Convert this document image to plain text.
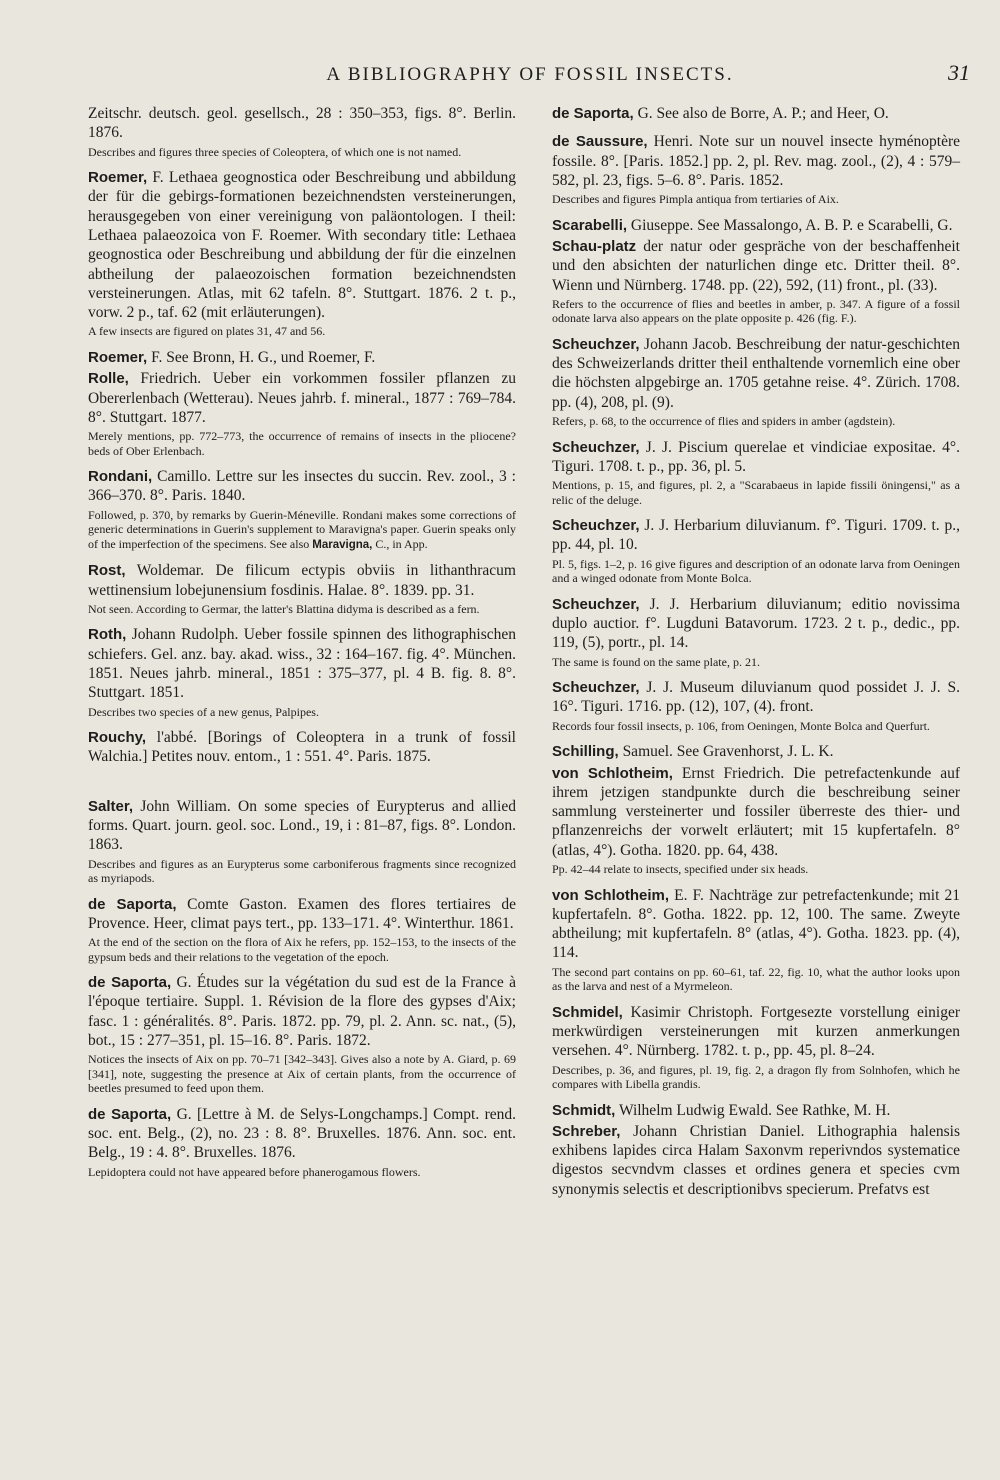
A BIBLIOGRAPHY OF FOSSIL INSECTS.	31

Zeitschr. deutsch. geol. gesellsch., 28 : 350–353, figs. 8°. Berlin. 1876.

Describes and figures three species of Coleoptera, of which one is not named.

Roemer, F. Lethaea geognostica oder Beschreibung und abbildung der für die gebirgs-formationen bezeichnendsten versteinerungen, herausgegeben von einer vereinigung von paläontologen. I theil: Lethaea palaeozoica von F. Roemer. With secondary title: Lethaea geognostica oder Beschreibung und abbildung der für die einzelnen abtheilung der palaeozoischen formation bezeichnendsten versteinerungen. Atlas, mit 62 tafeln. 8°. Stuttgart. 1876. 2 t. p., vorw. 2 p., taf. 62 (mit erläuterungen).

A few insects are figured on plates 31, 47 and 56.

Roemer, F. See Bronn, H. G., und Roemer, F.

Rolle, Friedrich. Ueber ein vorkommen fossiler pflanzen zu Obererlenbach (Wetterau). Neues jahrb. f. mineral., 1877 : 769–784. 8°. Stuttgart. 1877.

Merely mentions, pp. 772–773, the occurrence of remains of insects in the pliocene? beds of Ober Erlenbach.

Rondani, Camillo. Lettre sur les insectes du succin. Rev. zool., 3 : 366–370. 8°. Paris. 1840.

Followed, p. 370, by remarks by Guerin-Méneville. Rondani makes some corrections of generic determinations in Guerin's supplement to Maravigna's paper. Guerin speaks only of the imperfection of the specimens. See also Maravigna, C., in App.

Rost, Woldemar. De filicum ectypis obviis in lithanthracum wettinensium lobejunensium fosdinis. Halae. 8°. 1839. pp. 31.

Not seen. According to Germar, the latter's Blattina didyma is described as a fern.

Roth, Johann Rudolph. Ueber fossile spinnen des lithographischen schiefers. Gel. anz. bay. akad. wiss., 32 : 164–167. fig. 4°. München. 1851. Neues jahrb. mineral., 1851 : 375–377, pl. 4 B. fig. 8. 8°. Stuttgart. 1851.

Describes two species of a new genus, Palpipes.

Rouchy, l'abbé. [Borings of Coleoptera in a trunk of fossil Walchia.] Petites nouv. entom., 1 : 551. 4°. Paris. 1875.

Salter, John William. On some species of Eurypterus and allied forms. Quart. journ. geol. soc. Lond., 19, i : 81–87, figs. 8°. London. 1863.

Describes and figures as an Eurypterus some carboniferous fragments since recognized as myriapods.

de Saporta, Comte Gaston. Examen des flores tertiaires de Provence. Heer, climat pays tert., pp. 133–171. 4°. Winterthur. 1861.

At the end of the section on the flora of Aix he refers, pp. 152–153, to the insects of the gypsum beds and their relations to the vegetation of the epoch.

de Saporta, G. Études sur la végétation du sud est de la France à l'époque tertiaire. Suppl. 1. Révision de la flore des gypses d'Aix; fasc. 1 : généralités. 8°. Paris. 1872. pp. 79, pl. 2. Ann. sc. nat., (5), bot., 15 : 277–351, pl. 15–16. 8°. Paris. 1872.

Notices the insects of Aix on pp. 70–71 [342–343]. Gives also a note by A. Giard, p. 69 [341], note, suggesting the presence at Aix of certain plants, from the occurrence of beetles presumed to feed upon them.

de Saporta, G. [Lettre à M. de Selys-Longchamps.] Compt. rend. soc. ent. Belg., (2), no. 23 : 8. 8°. Bruxelles. 1876. Ann. soc. ent. Belg., 19 : 4. 8°. Bruxelles. 1876.

Lepidoptera could not have appeared before phanerogamous flowers.

de Saporta, G. See also de Borre, A. P.; and Heer, O.

de Saussure, Henri. Note sur un nouvel insecte hyménoptère fossile. 8°. [Paris. 1852.] pp. 2, pl. Rev. mag. zool., (2), 4 : 579–582, pl. 23, figs. 5–6. 8°. Paris. 1852.

Describes and figures Pimpla antiqua from tertiaries of Aix.

Scarabelli, Giuseppe. See Massalongo, A. B. P. e Scarabelli, G.

Schau-platz der natur oder gespräche von der beschaffenheit und den absichten der naturlichen dinge etc. Dritter theil. 8°. Wienn und Nürnberg. 1748. pp. (22), 592, (11) front., pl. (33).

Refers to the occurrence of flies and beetles in amber, p. 347. A figure of a fossil odonate larva also appears on the plate opposite p. 426 (fig. F.).

Scheuchzer, Johann Jacob. Beschreibung der natur-geschichten des Schweizerlands dritter theil enthaltende vornemlich eine ober die höchsten alpgebirge an. 1705 getahne reise. 4°. Zürich. 1708. pp. (4), 208, pl. (9).

Refers, p. 68, to the occurrence of flies and spiders in amber (agdstein).

Scheuchzer, J. J. Piscium querelae et vindiciae expositae. 4°. Tiguri. 1708. t. p., pp. 36, pl. 5.

Mentions, p. 15, and figures, pl. 2, a "Scarabaeus in lapide fissili öningensi," as a relic of the deluge.

Scheuchzer, J. J. Herbarium diluvianum. f°. Tiguri. 1709. t. p., pp. 44, pl. 10.

Pl. 5, figs. 1–2, p. 16 give figures and description of an odonate larva from Oeningen and a winged odonate from Monte Bolca.

Scheuchzer, J. J. Herbarium diluvianum; editio novissima duplo auctior. f°. Lugduni Batavorum. 1723. 2 t. p., dedic., pp. 119, (5), portr., pl. 14.

The same is found on the same plate, p. 21.

Scheuchzer, J. J. Museum diluvianum quod possidet J. J. S. 16°. Tiguri. 1716. pp. (12), 107, (4). front.

Records four fossil insects, p. 106, from Oeningen, Monte Bolca and Querfurt.

Schilling, Samuel. See Gravenhorst, J. L. K.

von Schlotheim, Ernst Friedrich. Die petrefactenkunde auf ihrem jetzigen standpunkte durch die beschreibung seiner sammlung versteinerter und fossiler überreste des thier- und pflanzenreichs der vorwelt erläutert; mit 15 kupfertafeln. 8° (atlas, 4°). Gotha. 1820. pp. 64, 438.

Pp. 42–44 relate to insects, specified under six heads.

von Schlotheim, E. F. Nachträge zur petrefactenkunde; mit 21 kupfertafeln. 8°. Gotha. 1822. pp. 12, 100. The same. Zweyte abtheilung; mit kupfertafeln. 8° (atlas, 4°). Gotha. 1823. pp. (4), 114.

The second part contains on pp. 60–61, taf. 22, fig. 10, what the author looks upon as the larva and nest of a Myrmeleon.

Schmidel, Kasimir Christoph. Fortgesezte vorstellung einiger merkwürdigen versteinerungen mit kurzen anmerkungen versehen. 4°. Nürnberg. 1782. t. p., pp. 45, pl. 8–24.

Describes, p. 36, and figures, pl. 19, fig. 2, a dragon fly from Solnhofen, which he compares with Libella grandis.

Schmidt, Wilhelm Ludwig Ewald. See Rathke, M. H.

Schreber, Johann Christian Daniel. Lithographia halensis exhibens lapides circa Halam Saxonvm reperivndos systematice digestos secvndvm classes et ordines genera et species cvm synonymis selectis et descriptionibvs specierum. Prefatvs est
